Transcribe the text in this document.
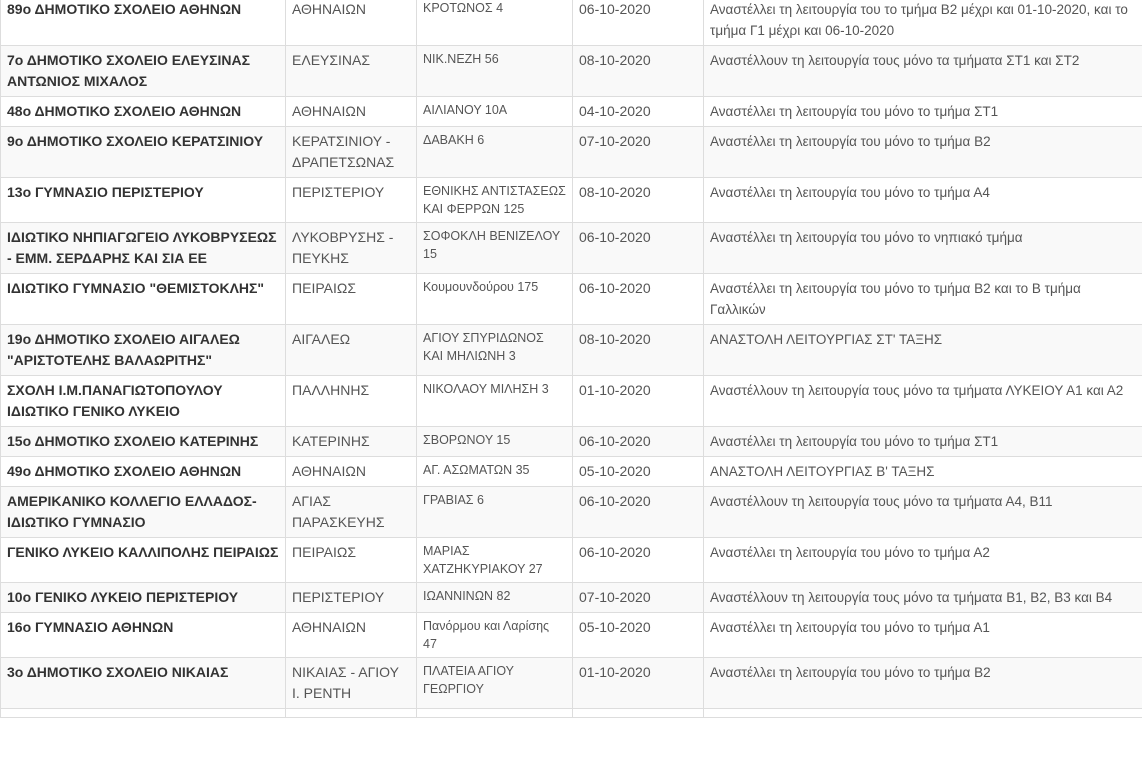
89ο ΔΗΜΟΤΙΚΟ ΣΧΟΛΕΙΟ ΑΘΗΝΩΝ	ΑΘΗΝΑΙΩΝ	ΚΡΟΤΩΝΟΣ 4	06-10-2020	Αναστέλλει τη λειτουργία του το τμήμα Β2 μέχρι και 01-10-2020, και το τμήμα Γ1 μέχρι και 06-10-2020
7ο ΔΗΜΟΤΙΚΟ ΣΧΟΛΕΙΟ ΕΛΕΥΣΙΝΑΣ ΑΝΤΩΝΙΟΣ ΜΙΧΑΛΟΣ	ΕΛΕΥΣΙΝΑΣ	ΝΙΚ.ΝΕΖΗ 56	08-10-2020	Αναστέλλουν τη λειτουργία τους μόνο τα τμήματα ΣΤ1 και ΣΤ2
48ο ΔΗΜΟΤΙΚΟ ΣΧΟΛΕΙΟ ΑΘΗΝΩΝ	ΑΘΗΝΑΙΩΝ	ΑΙΛΙΑΝΟΥ 10Α	04-10-2020	Αναστέλλει τη λειτουργία του μόνο το τμήμα ΣΤ1
9ο ΔΗΜΟΤΙΚΟ ΣΧΟΛΕΙΟ ΚΕΡΑΤΣΙΝΙΟΥ	ΚΕΡΑΤΣΙΝΙΟΥ - ΔΡΑΠΕΤΣΩΝΑΣ	ΔΑΒΑΚΗ 6	07-10-2020	Αναστέλλει τη λειτουργία του μόνο το τμήμα Β2
13ο ΓΥΜΝΑΣΙΟ ΠΕΡΙΣΤΕΡΙΟΥ	ΠΕΡΙΣΤΕΡΙΟΥ	ΕΘΝΙΚΗΣ ΑΝΤΙΣΤΑΣΕΩΣ ΚΑΙ ΦΕΡΡΩΝ 125	08-10-2020	Αναστέλλει τη λειτουργία του μόνο το τμήμα Α4
ΙΔΙΩΤΙΚΟ ΝΗΠΙΑΓΩΓΕΙΟ ΛΥΚΟΒΡΥΣΕΩΣ - ΕΜΜ. ΣΕΡΔΑΡΗΣ ΚΑΙ ΣΙΑ ΕΕ	ΛΥΚΟΒΡΥΣΗΣ - ΠΕΥΚΗΣ	ΣΟΦΟΚΛΗ ΒΕΝΙΖΕΛΟΥ 15	06-10-2020	Αναστέλλει τη λειτουργία του μόνο το νηπιακό τμήμα
ΙΔΙΩΤΙΚΟ ΓΥΜΝΑΣΙΟ "ΘΕΜΙΣΤΟΚΛΗΣ"	ΠΕΙΡΑΙΩΣ	Κουμουνδούρου 175	06-10-2020	Αναστέλλει τη λειτουργία του μόνο το τμήμα Β2 και το Β τμήμα Γαλλικών
19ο ΔΗΜΟΤΙΚΟ ΣΧΟΛΕΙΟ ΑΙΓΑΛΕΩ "ΑΡΙΣΤΟΤΕΛΗΣ ΒΑΛΑΩΡΙΤΗΣ"	ΑΙΓΑΛΕΩ	ΑΓΙΟΥ ΣΠΥΡΙΔΩΝΟΣ ΚΑΙ ΜΗΛΙΩΝΗ 3	08-10-2020	ΑΝΑΣΤΟΛΗ ΛΕΙΤΟΥΡΓΙΑΣ ΣΤ' ΤΑΞΗΣ
ΣΧΟΛΗ Ι.Μ.ΠΑΝΑΓΙΩΤΟΠΟΥΛΟΥ ΙΔΙΩΤΙΚΟ ΓΕΝΙΚΟ ΛΥΚΕΙΟ	ΠΑΛΛΗΝΗΣ	ΝΙΚΟΛΑΟΥ ΜΙΛΗΣΗ 3	01-10-2020	Αναστέλλουν τη λειτουργία τους μόνο τα τμήματα ΛΥΚΕΙΟΥ Α1 και Α2
15ο ΔΗΜΟΤΙΚΟ ΣΧΟΛΕΙΟ ΚΑΤΕΡΙΝΗΣ	ΚΑΤΕΡΙΝΗΣ	ΣΒΟΡΩΝΟΥ 15	06-10-2020	Αναστέλλει τη λειτουργία του μόνο το τμήμα ΣΤ1
49ο ΔΗΜΟΤΙΚΟ ΣΧΟΛΕΙΟ ΑΘΗΝΩΝ	ΑΘΗΝΑΙΩΝ	ΑΓ. ΑΣΩΜΑΤΩΝ 35	05-10-2020	ΑΝΑΣΤΟΛΗ ΛΕΙΤΟΥΡΓΙΑΣ Β' ΤΑΞΗΣ
ΑΜΕΡΙΚΑΝΙΚΟ ΚΟΛΛΕΓΙΟ ΕΛΛΑΔΟΣ-ΙΔΙΩΤΙΚΟ ΓΥΜΝΑΣΙΟ	ΑΓΙΑΣ ΠΑΡΑΣΚΕΥΗΣ	ΓΡΑΒΙΑΣ 6	06-10-2020	Αναστέλλουν τη λειτουργία τους μόνο τα τμήματα Α4, Β11
ΓΕΝΙΚΟ ΛΥΚΕΙΟ ΚΑΛΛΙΠΟΛΗΣ ΠΕΙΡΑΙΩΣ	ΠΕΙΡΑΙΩΣ	ΜΑΡΙΑΣ ΧΑΤΖΗΚΥΡΙΑΚΟΥ 27	06-10-2020	Αναστέλλει τη λειτουργία του μόνο το τμήμα Α2
10ο ΓΕΝΙΚΟ ΛΥΚΕΙΟ ΠΕΡΙΣΤΕΡΙΟΥ	ΠΕΡΙΣΤΕΡΙΟΥ	ΙΩΑΝΝΙΝΩΝ 82	07-10-2020	Αναστέλλουν τη λειτουργία τους μόνο τα τμήματα Β1, Β2, Β3 και Β4
16ο ΓΥΜΝΑΣΙΟ ΑΘΗΝΩΝ	ΑΘΗΝΑΙΩΝ	Πανόρμου και Λαρίσης 47	05-10-2020	Αναστέλλει τη λειτουργία του μόνο το τμήμα Α1
3ο ΔΗΜΟΤΙΚΟ ΣΧΟΛΕΙΟ ΝΙΚΑΙΑΣ	ΝΙΚΑΙΑΣ - ΑΓΙΟΥ Ι. ΡΕΝΤΗ	ΠΛΑΤΕΙΑ ΑΓΙΟΥ ΓΕΩΡΓΙΟΥ	01-10-2020	Αναστέλλει τη λειτουργία του μόνο το τμήμα Β2
